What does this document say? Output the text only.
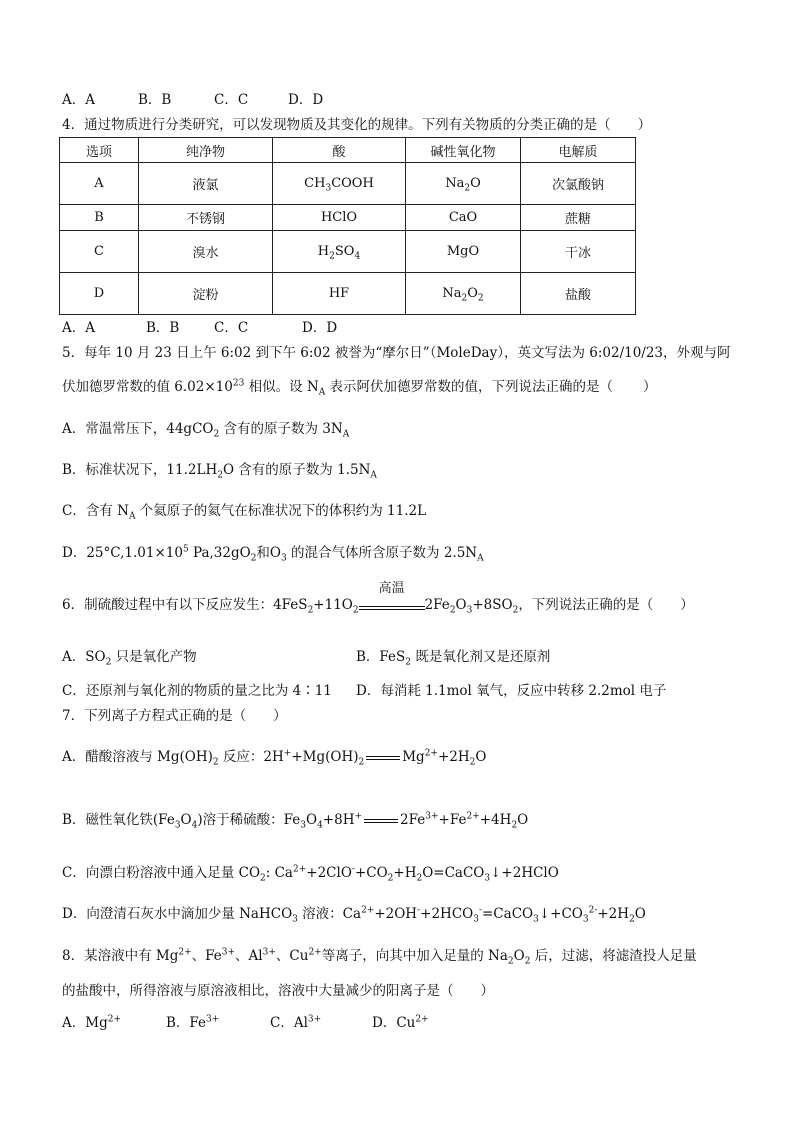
A．A	B．B	C．C	D．D
4．通过物质进行分类研究，可以发现物质及其变化的规律。下列有关物质的分类正确的是（　　）
选项	纯净物	酸	碱性氧化物	电解质
A	液氯	$CH_3COOH$	$Na_2O$	次氯酸钠
B	不锈钢	HClO	CaO	蔗糖
C	溴水	$H_2SO_4$	MgO	干冰
D	淀粉	HF	$Na_2O_2$	盐酸
A．A	B．B	C．C	D．D
5．每年 10 月 23 日上午 6:02 到下午 6:02 被誉为“摩尔日”（MoleDay），英文写法为 6:02/10/23，外观与阿
伏加德罗常数的值 $6.02\times 10^{23}$ 相似。设 $N_A$ 表示阿伏加德罗常数的值，下列说法正确的是（ ）
A．常温常压下，44gCO$_2$ 含有的原子数为 $3N_A$
B．标准状况下，$11.2LH_2O$ 含有的原子数为 $1.5N_A$
C．含有 $N_A$ 个氦原子的氦气在标准状况下的体积约为 11.2L
D．$25^\circ C,1.01\times 10^5$ $Pa,32gO_2$和$O_3$ 的混合气体所含原子数为 $2.5N_A$
6．制硫酸过程中有以下反应发生：$4FeS_2+11O_2$
高温
$2Fe_2O_3+8SO_2$，下列说法正确的是（　　）
A．$SO_2$ 只是氧化产物	B．FeS$_2$ 既是氧化剂又是还原剂
C．还原剂与氧化剂的物质的量之比为 4∶11 D．每消耗 1.1mol 氧气，反应中转移 2.2mol 电子
7．下列离子方程式正确的是（　　）
A．醋酸溶液与 $Mg(OH)_2$ 反应：$2H^++Mg(OH)_2$	$Mg^{2+}+2H_2O$
B．磁性氧化铁$(Fe_3O_4)$溶于稀硫酸：$Fe_3O_4+8H^+$	$2Fe^{3+}+Fe^{2+}+4H_2O$
C．向漂白粉溶液中通入足量 $CO_2$: $Ca^{2+}+2ClO^-+CO_2+H_2O=CaCO_3↓+2HClO$
D．向澄清石灰水中滴加少量 NaHCO$_3$ 溶液：$Ca^{2+}+2OH^-+2HCO_3^-=CaCO_3↓+CO_3^{2-}+2H_2O$
8．某溶液中有 $Mg^{2+}$、$Fe^{3+}$、$Al^{3+}$、$Cu^{2+}$等离子，向其中加入足量的 $Na_2O_2$ 后，过滤，将滤渣投人足量
的盐酸中，所得溶液与原溶液相比，溶液中大量减少的阳离子是（　　）
A．$Mg^{2+}$	B．$Fe^{3+}$	C．$Al^{3+}$	D．$Cu^{2+}$
